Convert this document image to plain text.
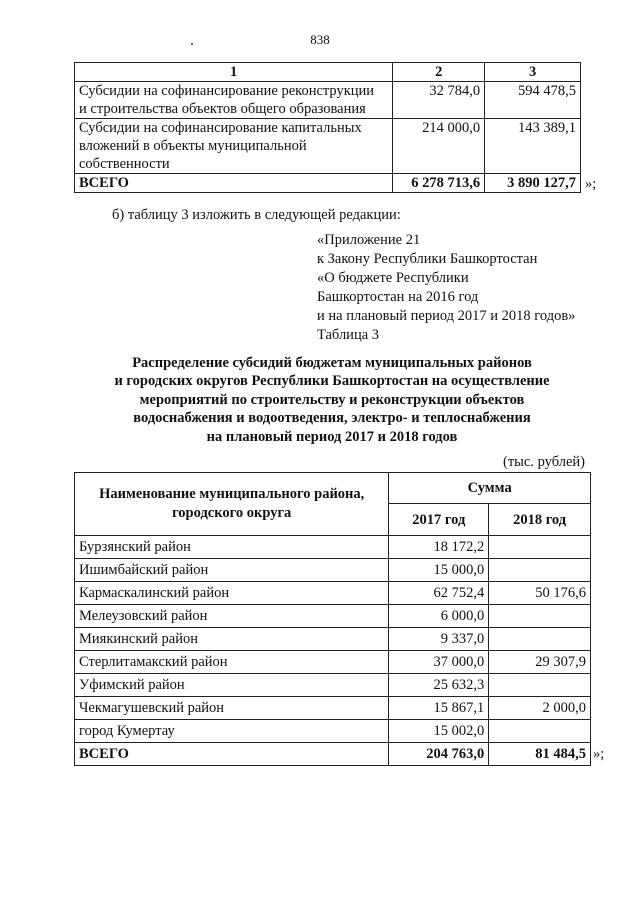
838
1	2	3

Субсидии на софинансирование реконструкции
и строительства объектов общего образования	32 784,0	594 478,5

Субсидии на софинансирование капитальных
вложений в объекты муниципальной
собственности	214 000,0	143 389,1
ВСЕГО	6 278 713,6	3 890 127,7 »;
б) таблицу 3 изложить в следующей редакции:
«Приложение 21
к Закону Республики Башкортостан
«О бюджете Республики
Башкортостан на 2016 год
и на плановый период 2017 и 2018 годов»
Таблица 3
Распределение субсидий бюджетам муниципальных районов
и городских округов Республики Башкортостан на осуществление
мероприятий по строительству и реконструкции объектов
водоснабжения и водоотведения, электро- и теплоснабжения
на плановый период 2017 и 2018 годов
(тыс. рублей)
Наименование муниципального района,
городского округа	Сумма	
	2017 год	2018 год
Бурзянский район	18 172,2	
Ишимбайский район	15 000,0	
Кармаскалинский район	62 752,4	50 176,6
Мелеузовский район	6 000,0	
Миякинский район	9 337,0	
Стерлитамакский район	37 000,0	29 307,9
Уфимский район	25 632,3	
Чекмагушевский район	15 867,1	2 000,0
город Кумертау	15 002,0	
ВСЕГО	204 763,0	81 484,5 »;
